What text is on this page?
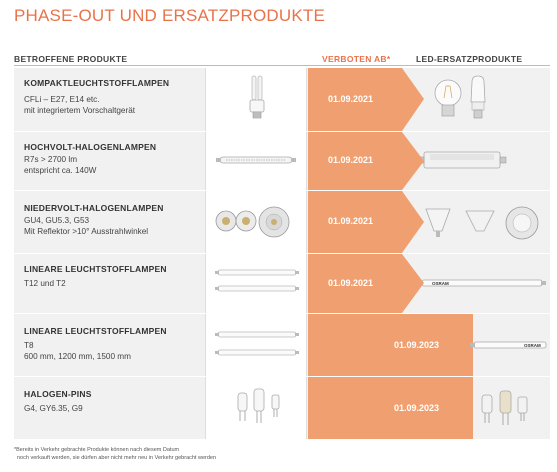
PHASE-OUT UND ERSATZPRODUKTE
BETROFFENE PRODUKTE	VERBOTEN AB*	LED-ERSATZPRODUKTE
KOMPAKTLEUCHTSTOFFLAMPEN
CFLi – E27, E14 etc.
mit integriertem Vorschaltgerät
01.09.2021
HOCHVOLT-HALOGENLAMPEN
R7s > 2700 lm
entspricht ca. 140W
01.09.2021
NIEDERVOLT-HALOGENLAMPEN
GU4, GU5.3, G53
Mit Reflektor >10° Ausstrahlwinkel
01.09.2021
LINEARE LEUCHTSTOFFLAMPEN
T12 und T2	01.09.2021	OSRAM
LINEARE LEUCHTSTOFFLAMPEN
T8
600 mm, 1200 mm, 1500 mm
01.09.2023	OSRAM
HALOGEN-PINS
G4, GY6.35, G9	01.09.2023
*Bereits in Verkehr gebrachte Produkte können nach diesem Datum
noch verkauft werden, sie dürfen aber nicht mehr neu in Verkehr gebracht werden
